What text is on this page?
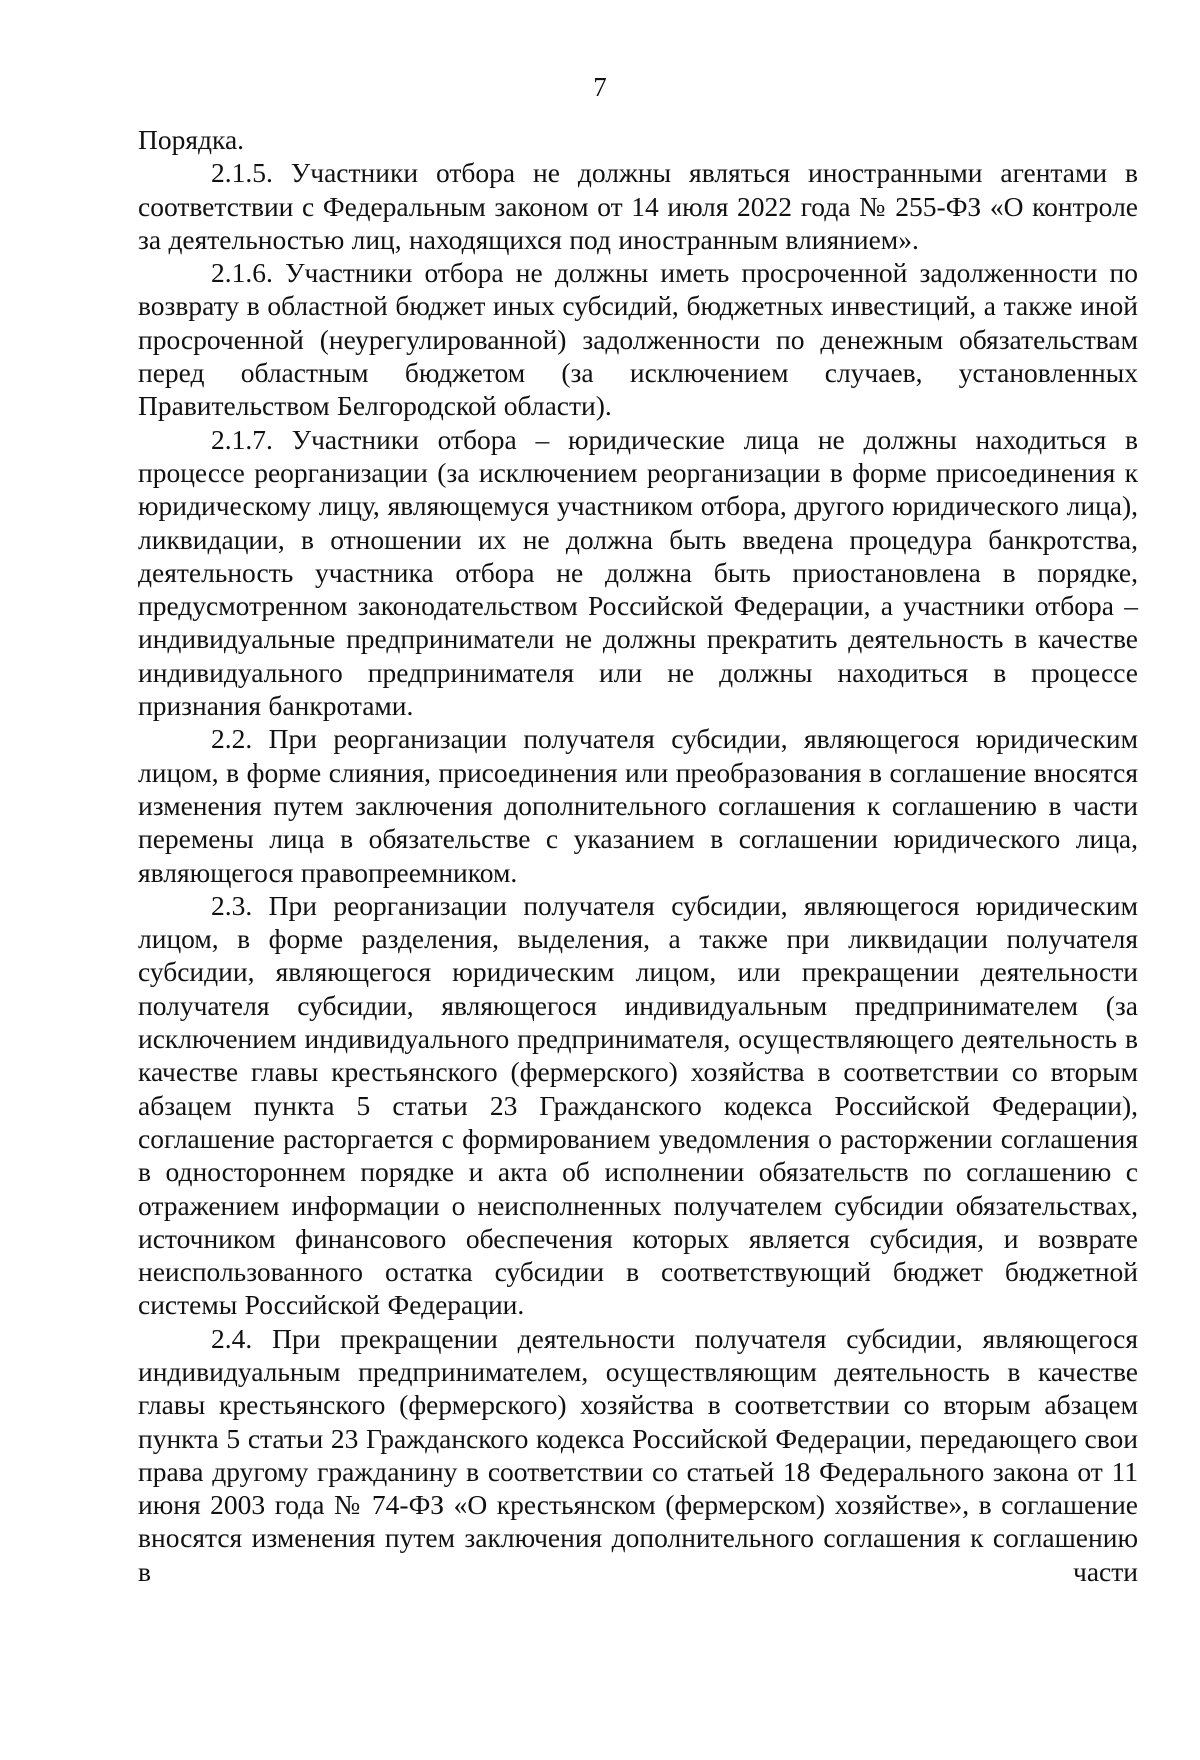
7

Порядка.

2.1.5. Участники отбора не должны являться иностранными агентами в соответствии с Федеральным законом от 14 июля 2022 года № 255-ФЗ «О контроле за деятельностью лиц, находящихся под иностранным влиянием».

2.1.6. Участники отбора не должны иметь просроченной задолженности по возврату в областной бюджет иных субсидий, бюджетных инвестиций, а также иной просроченной (неурегулированной) задолженности по денежным обязательствам перед областным бюджетом (за исключением случаев, установленных Правительством Белгородской области).

2.1.7. Участники отбора – юридические лица не должны находиться в процессе реорганизации (за исключением реорганизации в форме присоединения к юридическому лицу, являющемуся участником отбора, другого юридического лица), ликвидации, в отношении их не должна быть введена процедура банкротства, деятельность участника отбора не должна быть приостановлена в порядке, предусмотренном законодательством Российской Федерации, а участники отбора – индивидуальные предприниматели не должны прекратить деятельность в качестве индивидуального предпринимателя или не должны находиться в процессе признания банкротами.

2.2. При реорганизации получателя субсидии, являющегося юридическим лицом, в форме слияния, присоединения или преобразования в соглашение вносятся изменения путем заключения дополнительного соглашения к соглашению в части перемены лица в обязательстве с указанием в соглашении юридического лица, являющегося правопреемником.

2.3. При реорганизации получателя субсидии, являющегося юридическим лицом, в форме разделения, выделения, а также при ликвидации получателя субсидии, являющегося юридическим лицом, или прекращении деятельности получателя субсидии, являющегося индивидуальным предпринимателем (за исключением индивидуального предпринимателя, осуществляющего деятельность в качестве главы крестьянского (фермерского) хозяйства в соответствии со вторым абзацем пункта 5 статьи 23 Гражданского кодекса Российской Федерации), соглашение расторгается с формированием уведомления о расторжении соглашения в одностороннем порядке и акта об исполнении обязательств по соглашению с отражением информации о неисполненных получателем субсидии обязательствах, источником финансового обеспечения которых является субсидия, и возврате неиспользованного остатка субсидии в соответствующий бюджет бюджетной системы Российской Федерации.

2.4. При прекращении деятельности получателя субсидии, являющегося индивидуальным предпринимателем, осуществляющим деятельность в качестве главы крестьянского (фермерского) хозяйства в соответствии со вторым абзацем пункта 5 статьи 23 Гражданского кодекса Российской Федерации, передающего свои права другому гражданину в соответствии со статьей 18 Федерального закона от 11 июня 2003 года № 74-ФЗ «О крестьянском (фермерском) хозяйстве», в соглашение вносятся изменения путем заключения дополнительного соглашения к соглашению в части
